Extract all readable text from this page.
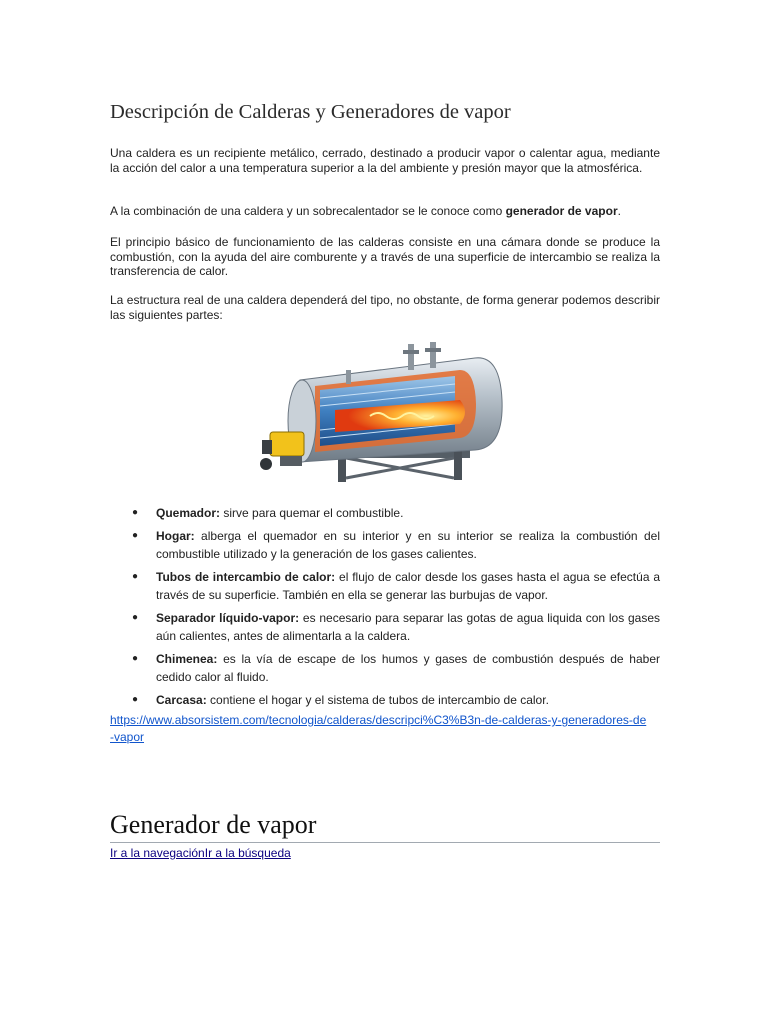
Descripción de Calderas y Generadores de vapor

Una caldera es un recipiente metálico, cerrado, destinado a producir vapor o calentar agua, mediante la acción del calor a una temperatura superior a la del ambiente y presión mayor que la atmosférica.

A la combinación de una caldera y un sobrecalentador se le conoce como generador de vapor.

El principio básico de funcionamiento de las calderas consiste en una cámara donde se produce la combustión, con la ayuda del aire comburente y a través de una superficie de intercambio se realiza la transferencia de calor.

La estructura real de una caldera dependerá del tipo, no obstante, de forma generar podemos describir las siguientes partes:

● Quemador: sirve para quemar el combustible.
● Hogar: alberga el quemador en su interior y en su interior se realiza la combustión del combustible utilizado y la generación de los gases calientes.
● Tubos de intercambio de calor: el flujo de calor desde los gases hasta el agua se efectúa a través de su superficie. También en ella se generar las burbujas de vapor.
● Separador líquido-vapor: es necesario para separar las gotas de agua liquida con los gases aún calientes, antes de alimentarla a la caldera.
● Chimenea: es la vía de escape de los humos y gases de combustión después de haber cedido calor al fluido.
● Carcasa: contiene el hogar y el sistema de tubos de intercambio de calor.
https://www.absorsistem.com/tecnologia/calderas/descripci%C3%B3n-de-calderas-y-generadores-de-vapor
Generador de vapor
Ir a la navegaciónIr a la búsqueda
